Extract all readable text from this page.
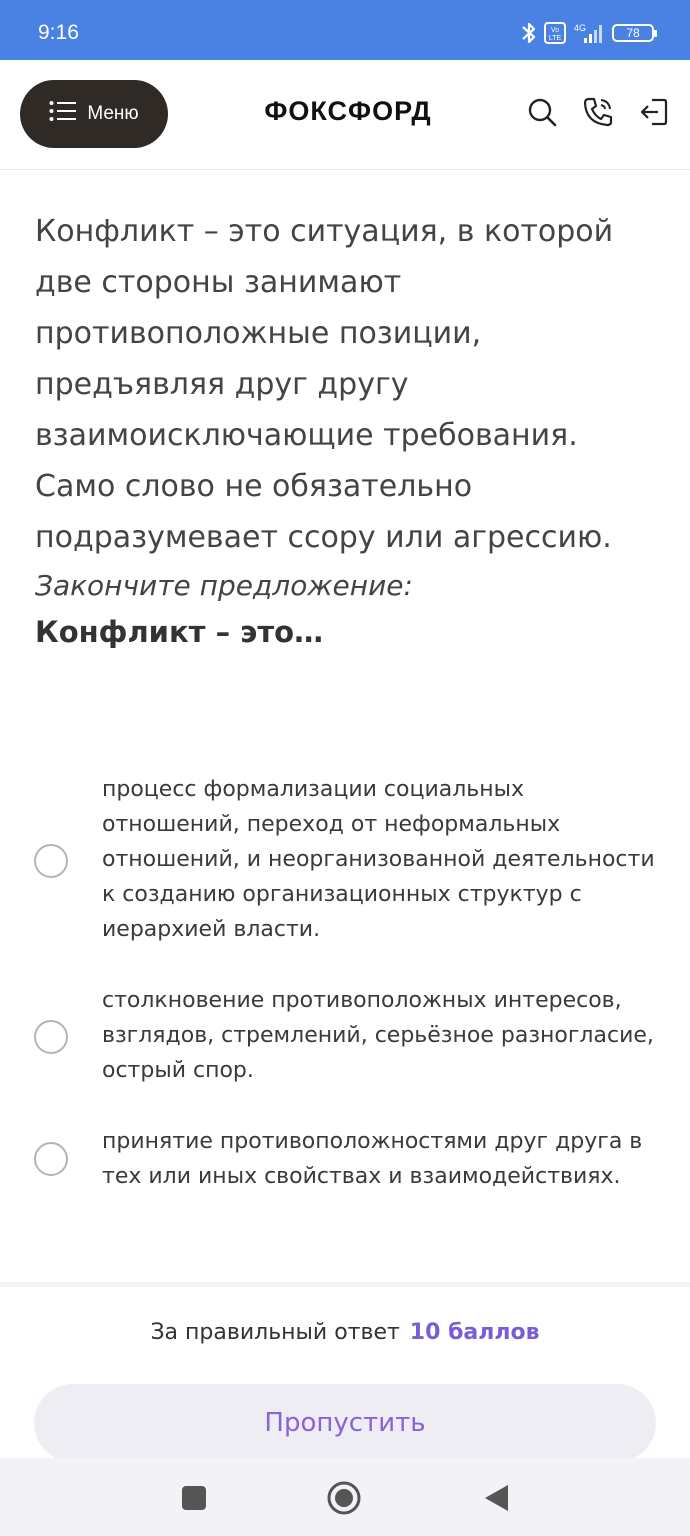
9:16	Vo
LTE
4G	78
Меню	ФОКСФОРД

Конфликт – это ситуация, в которой две стороны занимают противоположные позиции, предъявляя друг другу взаимоисключающие требования. Само слово не обязательно подразумевает ссору или агрессию.

Закончите предложение:

Конфликт – это…

процесс формализации социальных отношений, переход от неформальных отношений, и неорганизованной деятельности к созданию организационных структур с иерархией власти.

столкновение противоположных интересов, взглядов, стремлений, серьёзное разногласие, острый спор.

принятие противоположностями друг друга в тех или иных свойствах и взаимодействиях.

За правильный ответ 10 баллов
Пропустить
